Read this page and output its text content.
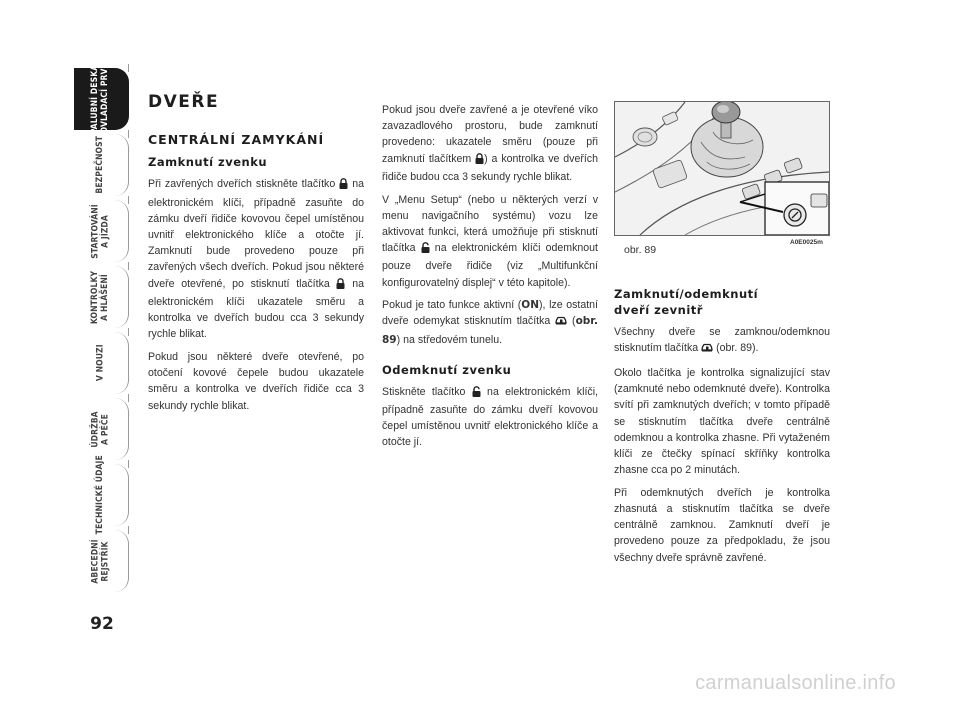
PALUBNÍ DESKA
A OVLADACÍ PRVKY
BEZPEČNOST
STARTOVÁNÍ
A JÍZDA
KONTROLKY
A HLÁŠENÍ
V NOUZI
ÚDRŽBA
A PÉČE
TECHNICKÉ ÚDAJE
ABECEDNÍ
REJSTŘÍK
92
DVEŘE
CENTRÁLNÍ ZAMYKÁNÍ
Zamknutí zvenku

Při zavřených dveřích stiskněte tlačítko  na elektronickém klíči, případně zasuňte do zámku dveří řidiče kovovou čepel umístěnou uvnitř elektronického klíče a otočte jí. Zamknutí bude provedeno pouze při zavřených všech dveřích. Pokud jsou některé dveře otevřené, po stisknutí tlačítka  na elektronickém klíči ukazatele směru a kontrolka ve dveřích budou cca 3 sekundy rychle blikat.

Pokud jsou některé dveře otevřené, po otočení kovové čepele budou ukazatele směru a kontrolka ve dveřích řidiče cca 3 sekundy rychle blikat.

Pokud jsou dveře zavřené a je otevřené víko zavazadlového prostoru, bude zamknutí provedeno: ukazatele směru (pouze při zamknutí tlačítkem ) a kontrolka ve dveřích řidiče budou cca 3 sekundy rychle blikat.

V „Menu Setup“ (nebo u některých verzí v menu navigačního systému) vozu lze aktivovat funkci, která umožňuje při stisknutí tlačítka  na elektronickém klíči odemknout pouze dveře řidiče (viz „Multifunkční konfigurovatelný displej“ v této kapitole).

Pokud je tato funkce aktivní (ON), lze ostatní dveře odemykat stisknutím tlačítka  (obr. 89) na středovém tunelu.

Odemknutí zvenku

Stiskněte tlačítko  na elektronickém klíči, případně zasuňte do zámku dveří kovovou čepel umístěnou uvnitř elektronického klíče a otočte jí.

A0E0025m
obr. 89
Zamknutí/odemknutí
dveří zevnitř

Všechny dveře se zamknou/odemknou stisknutím tlačítka  (obr. 89).

Okolo tlačítka je kontrolka signalizující stav (zamknuté nebo odemknuté dveře). Kontrolka svítí při zamknutých dveřích; v tomto případě se stisknutím tlačítka dveře centrálně odemknou a kontrolka zhasne. Při vytaženém klíči ze čtečky spínací skříňky kontrolka zhasne cca po 2 minutách.

Při odemknutých dveřích je kontrolka zhasnutá a stisknutím tlačítka se dveře centrálně zamknou. Zamknutí dveří je provedeno pouze za předpokladu, že jsou všechny dveře správně zavřené.

carmanualsonline.info
